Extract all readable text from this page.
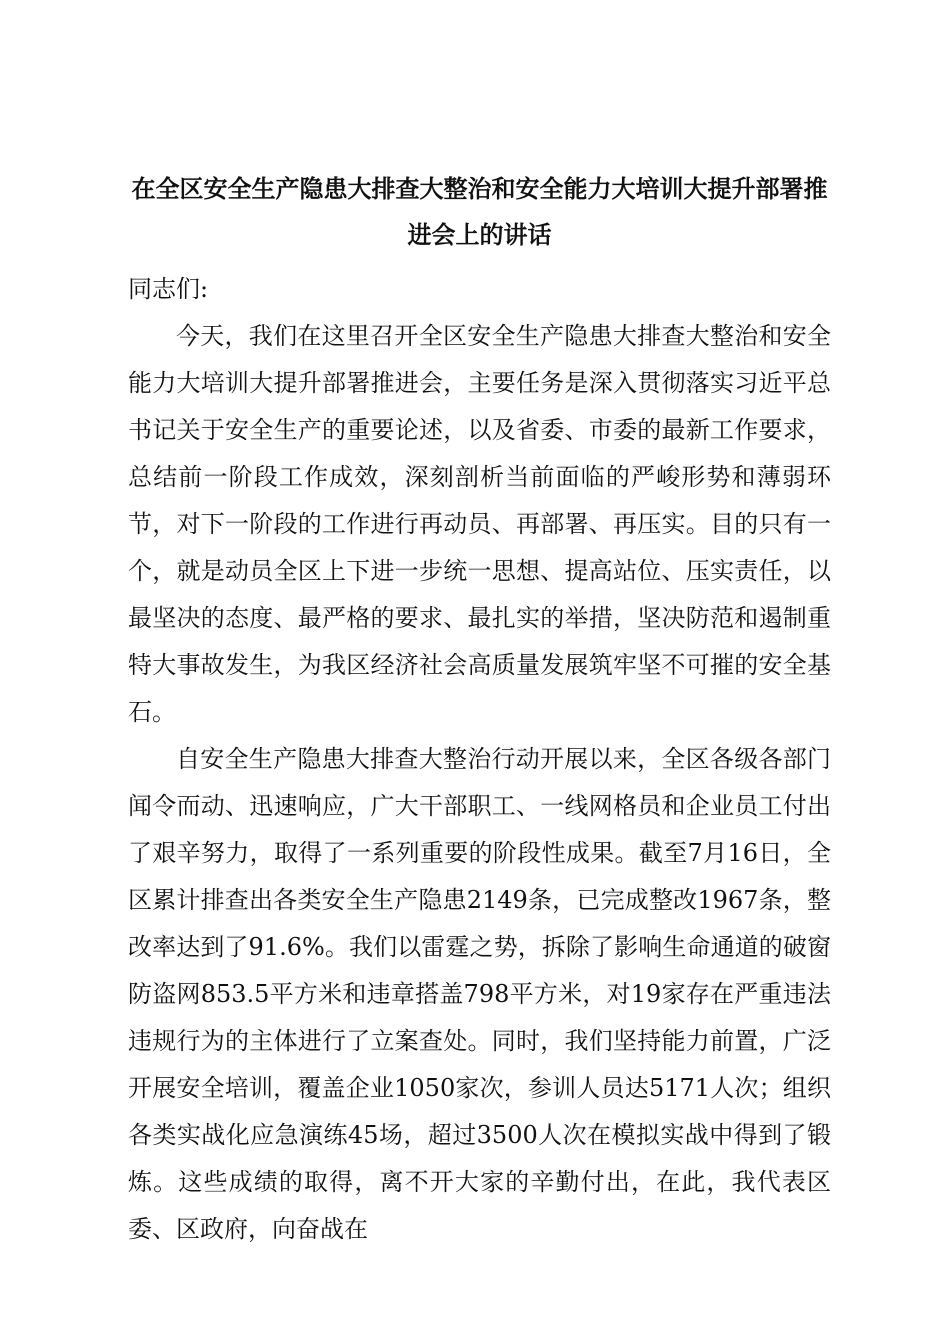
在全区安全生产隐患大排查大整治和安全能力大培训大提升部署推进会上的讲话

同志们:

今天，我们在这里召开全区安全生产隐患大排查大整治和安全能力大培训大提升部署推进会，主要任务是深入贯彻落实习近平总书记关于安全生产的重要论述，以及省委、市委的最新工作要求，总结前一阶段工作成效，深刻剖析当前面临的严峻形势和薄弱环节，对下一阶段的工作进行再动员、再部署、再压实。目的只有一个，就是动员全区上下进一步统一思想、提高站位、压实责任，以最坚决的态度、最严格的要求、最扎实的举措，坚决防范和遏制重特大事故发生，为我区经济社会高质量发展筑牢坚不可摧的安全基石。

自安全生产隐患大排查大整治行动开展以来，全区各级各部门闻令而动、迅速响应，广大干部职工、一线网格员和企业员工付出了艰辛努力，取得了一系列重要的阶段性成果。截至7月16日，全区累计排查出各类安全生产隐患2149条，已完成整改1967条，整改率达到了91.6%。我们以雷霆之势，拆除了影响生命通道的破窗防盗网853.5平方米和违章搭盖798平方米，对19家存在严重违法违规行为的主体进行了立案查处。同时，我们坚持能力前置，广泛开展安全培训，覆盖企业1050家次，参训人员达5171人次；组织各类实战化应急演练45场，超过3500人次在模拟实战中得到了锻炼。这些成绩的取得，离不开大家的辛勤付出，在此，我代表区委、区政府，向奋战在
